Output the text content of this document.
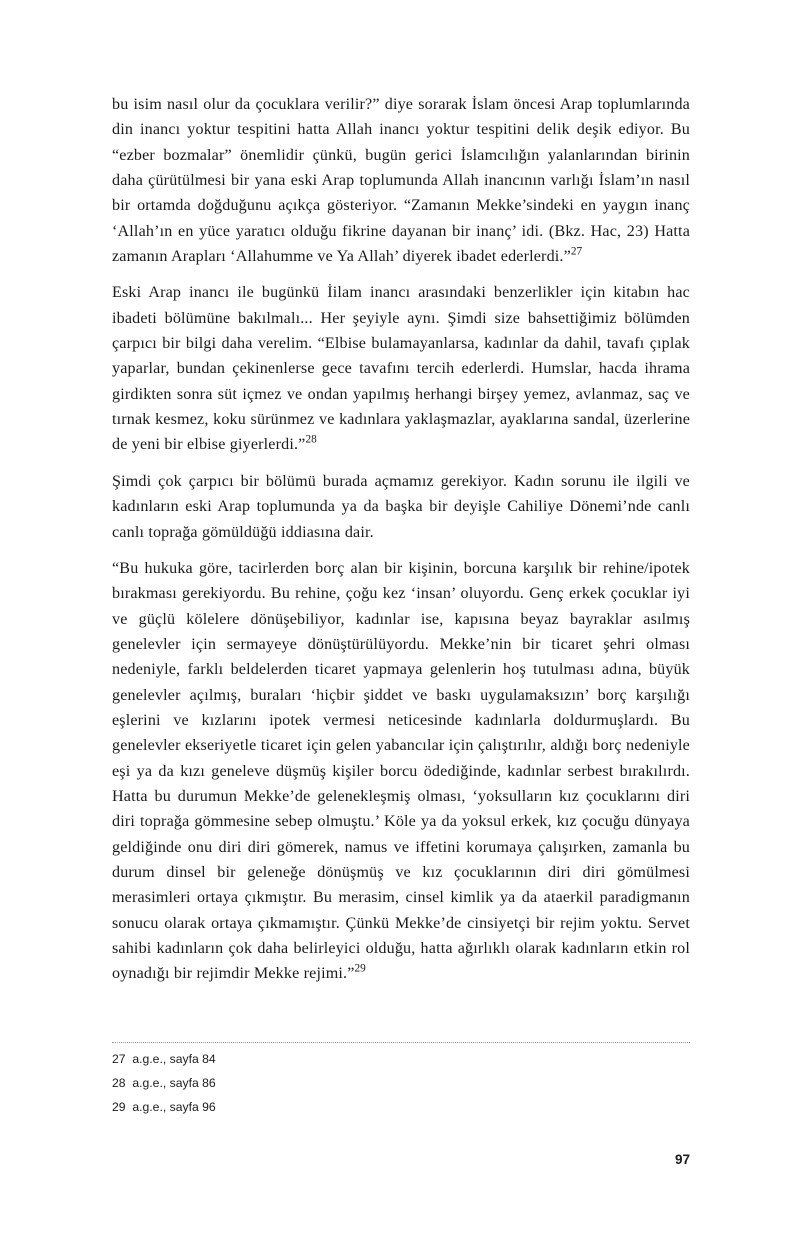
bu isim nasıl olur da çocuklara verilir?” diye sorarak İslam öncesi Arap toplumlarında din inancı yoktur tespitini hatta Allah inancı yoktur tespitini delik deşik ediyor. Bu “ezber bozmalar” önemlidir çünkü, bugün gerici İslamcılığın yalanlarından birinin daha çürütülmesi bir yana eski Arap toplumunda Allah inancının varlığı İslam’ın nasıl bir ortamda doğduğunu açıkça gösteriyor. “Zamanın Mekke’sindeki en yaygın inanç ‘Allah’ın en yüce yaratıcı olduğu fikrine dayanan bir inanç’ idi. (Bkz. Hac, 23) Hatta zamanın Arapları ‘Allahumme ve Ya Allah’ diyerek ibadet ederlerdi.”$^{27}$

Eski Arap inancı ile bugünkü İilam inancı arasındaki benzerlikler için kitabın hac ibadeti bölümüne bakılmalı... Her şeyiyle aynı. Şimdi size bahsettiğimiz bölümden çarpıcı bir bilgi daha verelim. “Elbise bulamayanlarsa, kadınlar da dahil, tavafı çıplak yaparlar, bundan çekinenlerse gece tavafını tercih ederlerdi. Humslar, hacda ihrama girdikten sonra süt içmez ve ondan yapılmış herhangi birşey yemez, avlanmaz, saç ve tırnak kesmez, koku sürünmez ve kadınlara yaklaşmazlar, ayaklarına sandal, üzerlerine de yeni bir elbise giyerlerdi.”$^{28}$

Şimdi çok çarpıcı bir bölümü burada açmamız gerekiyor. Kadın sorunu ile ilgili ve kadınların eski Arap toplumunda ya da başka bir deyişle Cahiliye Dönemi’nde canlı canlı toprağa gömüldüğü iddiasına dair.

“Bu hukuka göre, tacirlerden borç alan bir kişinin, borcuna karşılık bir rehine/ipotek bırakması gerekiyordu. Bu rehine, çoğu kez ‘insan’ oluyordu. Genç erkek çocuklar iyi ve güçlü kölelere dönüşebiliyor, kadınlar ise, kapısına beyaz bayraklar asılmış genelevler için sermayeye dönüştürülüyordu. Mekke’nin bir ticaret şehri olması nedeniyle, farklı beldelerden ticaret yapmaya gelenlerin hoş tutulması adına, büyük genelevler açılmış, buraları ‘hiçbir şiddet ve baskı uygulamaksızın’ borç karşılığı eşlerini ve kızlarını ipotek vermesi neticesinde kadınlarla doldurmuşlardı. Bu genelevler ekseriyetle ticaret için gelen yabancılar için çalıştırılır, aldığı borç nedeniyle eşi ya da kızı geneleve düşmüş kişiler borcu ödediğinde, kadınlar serbest bırakılırdı. Hatta bu durumun Mekke’de gelenekleşmiş olması, ‘yoksulların kız çocuklarını diri diri toprağa gömmesine sebep olmuştu.’ Köle ya da yoksul erkek, kız çocuğu dünyaya geldiğinde onu diri diri gömerek, namus ve iffetini korumaya çalışırken, zamanla bu durum dinsel bir geleneğe dönüşmüş ve kız çocuklarının diri diri gömülmesi merasimleri ortaya çıkmıştır. Bu merasim, cinsel kimlik ya da ataerkil paradigmanın sonucu olarak ortaya çıkmamıştır. Çünkü Mekke’de cinsiyetçi bir rejim yoktu. Servet sahibi kadınların çok daha belirleyici olduğu, hatta ağırlıklı olarak kadınların etkin rol oynadığı bir rejimdir Mekke rejimi.”$^{29}$

27 a.g.e., sayfa 84
28 a.g.e., sayfa 86
29 a.g.e., sayfa 96
97
